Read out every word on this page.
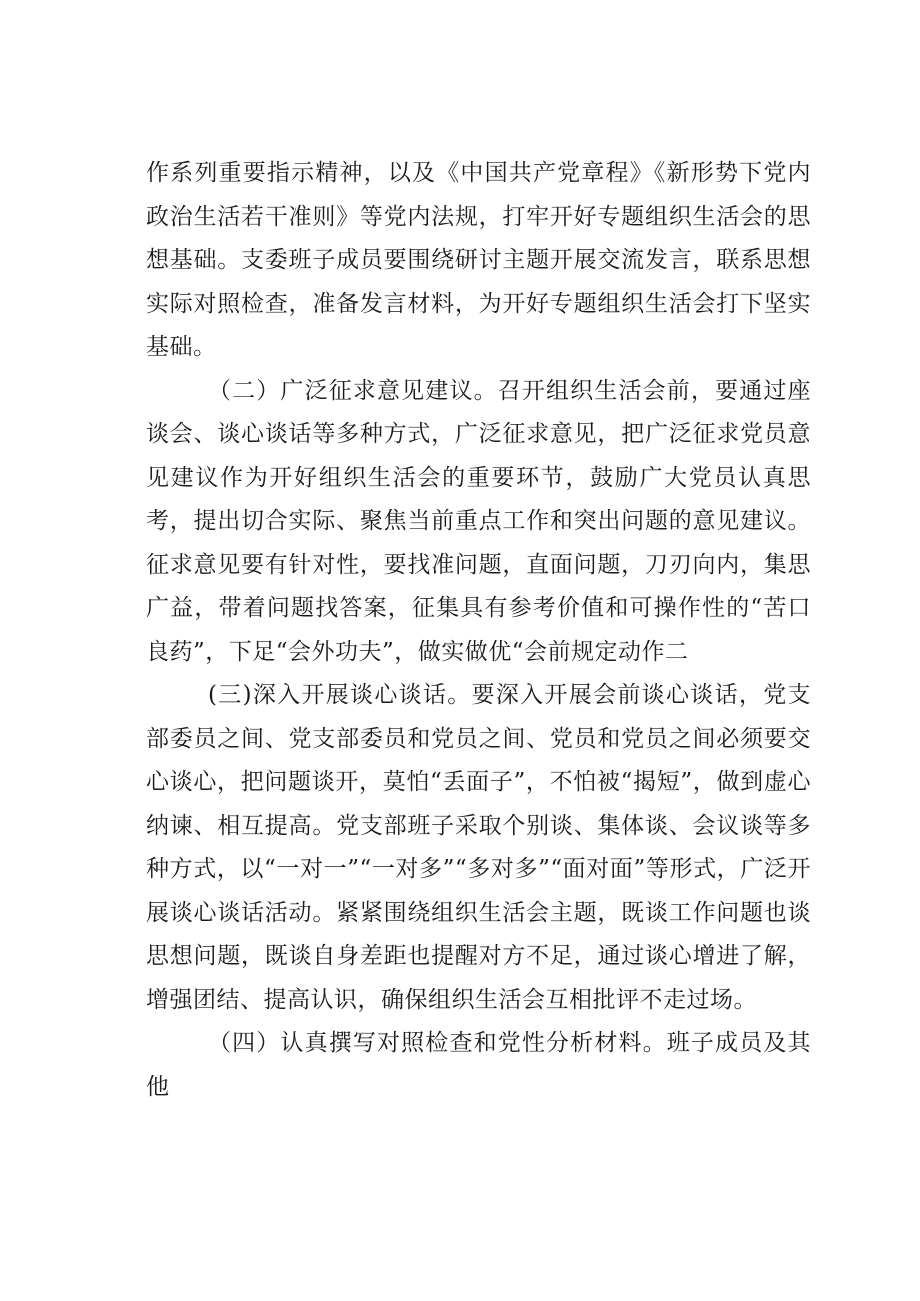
作系列重要指示精神，以及《中国共产党章程》《新形势下党内政治生活若干准则》等党内法规，打牢开好专题组织生活会的思想基础。支委班子成员要围绕研讨主题开展交流发言，联系思想实际对照检查，准备发言材料，为开好专题组织生活会打下坚实基础。

（二）广泛征求意见建议。召开组织生活会前，要通过座谈会、谈心谈话等多种方式，广泛征求意见，把广泛征求党员意见建议作为开好组织生活会的重要环节，鼓励广大党员认真思考，提出切合实际、聚焦当前重点工作和突出问题的意见建议。征求意见要有针对性，要找准问题，直面问题，刀刃向内，集思广益，带着问题找答案，征集具有参考价值和可操作性的“苦口良药”，下足“会外功夫”，做实做优“会前规定动作二

(三)深入开展谈心谈话。要深入开展会前谈心谈话，党支部委员之间、党支部委员和党员之间、党员和党员之间必须要交心谈心，把问题谈开，莫怕“丢面子”，不怕被“揭短”，做到虚心纳谏、相互提高。党支部班子采取个别谈、集体谈、会议谈等多种方式，以“一对一”“一对多”“多对多”“面对面”等形式，广泛开展谈心谈话活动。紧紧围绕组织生活会主题，既谈工作问题也谈思想问题，既谈自身差距也提醒对方不足，通过谈心增进了解，增强团结、提高认识，确保组织生活会互相批评不走过场。

（四）认真撰写对照检查和党性分析材料。班子成员及其他
